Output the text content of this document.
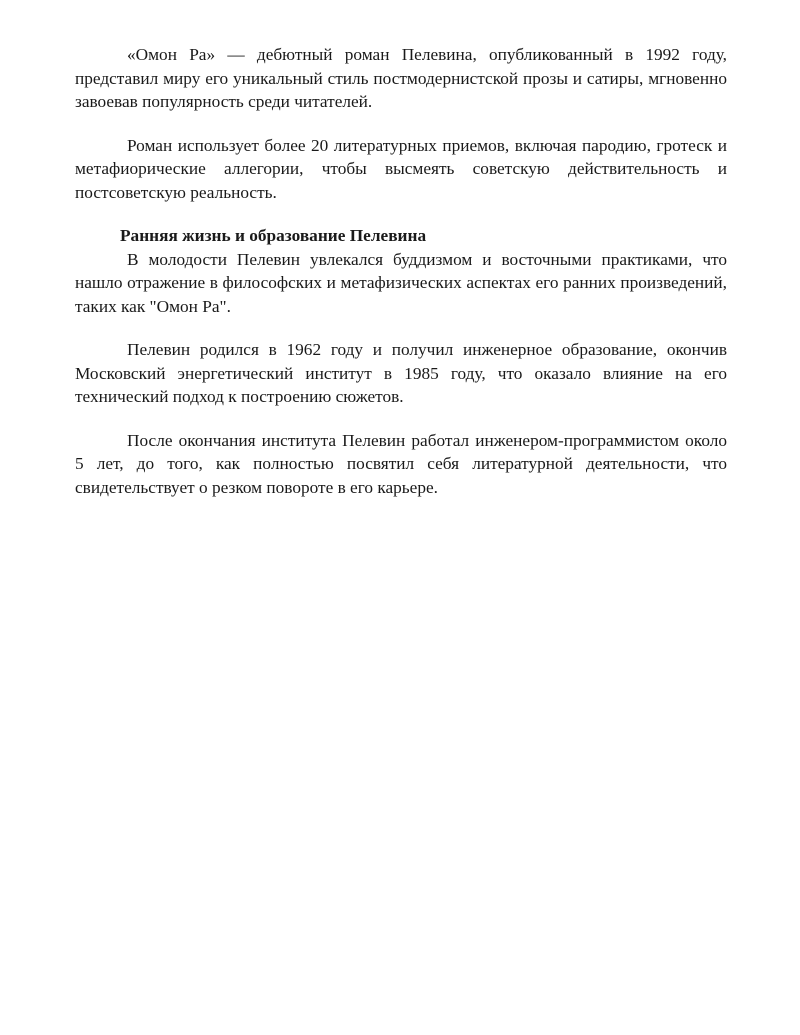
«Омон Ра» — дебютный роман Пелевина, опубликованный в 1992 году, представил миру его уникальный стиль постмодернистской прозы и сатиры, мгновенно завоевав популярность среди читателей.

Роман использует более 20 литературных приемов, включая пародию, гротеск и метафиорические аллегории, чтобы высмеять советскую действительность и постсоветскую реальность.

Ранняя жизнь и образование Пелевина

В молодости Пелевин увлекался буддизмом и восточными практиками, что нашло отражение в философских и метафизических аспектах его ранних произведений, таких как "Омон Ра".

Пелевин родился в 1962 году и получил инженерное образование, окончив Московский энергетический институт в 1985 году, что оказало влияние на его технический подход к построению сюжетов.

После окончания института Пелевин работал инженером-программистом около 5 лет, до того, как полностью посвятил себя литературной деятельности, что свидетельствует о резком повороте в его карьере.
